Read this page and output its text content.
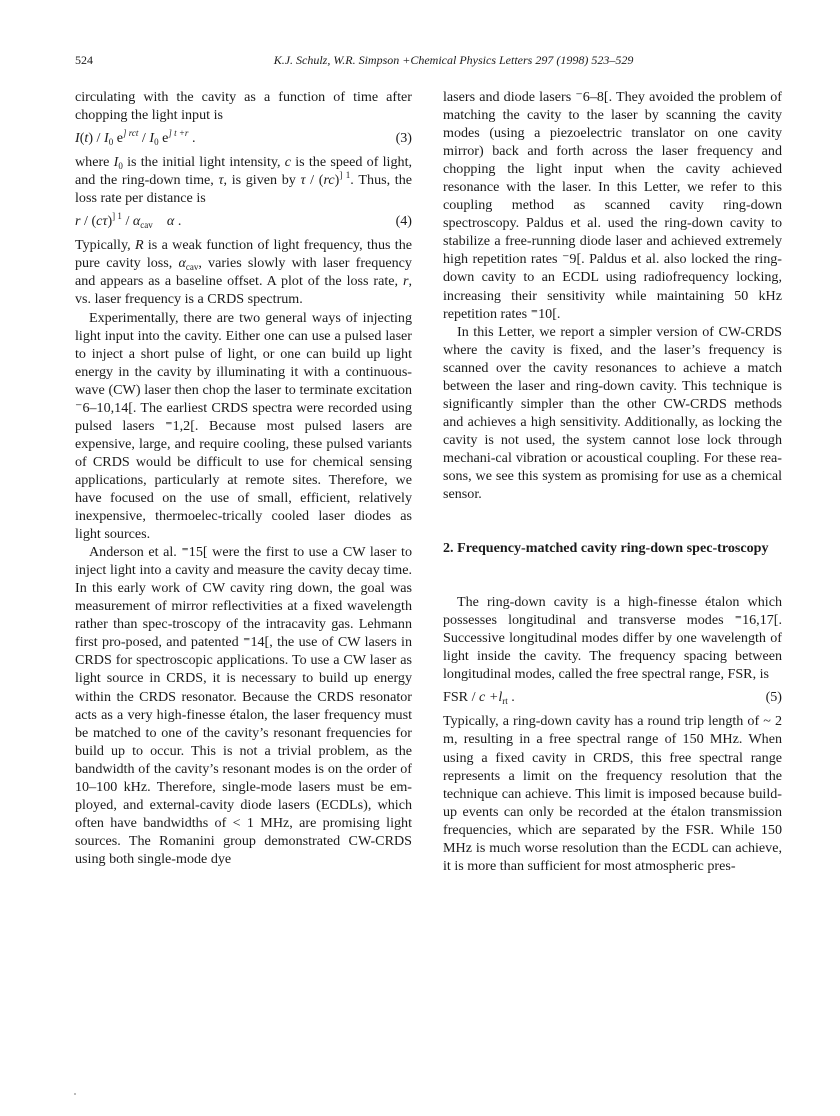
524	K.J. Schulz, W.R. Simpson +Chemical Physics Letters 297 (1998) 523–529

circulating with the cavity as a function of time after chopping the light input is

$I(t) / I_0$ $e^{] rct} / I_0$ $e^{] t +r}$ .	(3)

where $I_0$ is the initial light intensity, c is the speed of light, and the ring-down time, τ, is given by τ / (rc)$^{] 1}$. Thus, the loss rate per distance is

r / $(c\tau)^{] 1} / \alpha_{cav}$ α .	(4)

Typically, R is a weak function of light frequency, thus the pure cavity loss, $\alpha_{cav}$, varies slowly with laser frequency and appears as a baseline offset. A plot of the loss rate, r, vs. laser frequency is a CRDS spectrum.

Experimentally, there are two general ways of injecting light input into the cavity. Either one can use a pulsed laser to inject a short pulse of light, or one can build up light energy in the cavity by illuminating it with a continuous-wave (CW) laser then chop the laser to terminate excitation ⁻6–10,14[. The earliest CRDS spectra were recorded using pulsed lasers ⁼1,2[. Because most pulsed lasers are expensive, large, and require cooling, these pulsed variants of CRDS would be difficult to use for chemical sensing applications, particularly at remote sites. Therefore, we have focused on the use of small, efficient, relatively inexpensive, thermoelec-trically cooled laser diodes as light sources.

Anderson et al. ⁼15[ were the first to use a CW laser to inject light into a cavity and measure the cavity decay time. In this early work of CW cavity ring down, the goal was measurement of mirror reflectivities at a fixed wavelength rather than spec-troscopy of the intracavity gas. Lehmann first pro-posed, and patented ⁼14[, the use of CW lasers in CRDS for spectroscopic applications. To use a CW laser as light source in CRDS, it is necessary to build up energy within the CRDS resonator. Because the CRDS resonator acts as a very high-finesse étalon, the laser frequency must be matched to one of the cavity’s resonant frequencies for build up to occur. This is not a trivial problem, as the bandwidth of the cavity’s resonant modes is on the order of 10–100 kHz. Therefore, single-mode lasers must be em-ployed, and external-cavity diode lasers (ECDLs), which often have bandwidths of < 1 MHz, are promising light sources. The Romanini group demonstrated CW-CRDS using both single-mode dye

lasers and diode lasers ⁻6–8[. They avoided the problem of matching the cavity to the laser by scanning the cavity modes (using a piezoelectric translator on one cavity mirror) back and forth across the laser frequency and chopping the light input when the cavity achieved resonance with the laser. In this Letter, we refer to this coupling method as scanned cavity ring-down spectroscopy. Paldus et al. used the ring-down cavity to stabilize a free-running diode laser and achieved extremely high repetition rates ⁻9[. Paldus et al. also locked the ring-down cavity to an ECDL using radiofrequency locking, increasing their sensitivity while maintaining 50 kHz repetition rates ⁼10[.

In this Letter, we report a simpler version of CW-CRDS where the cavity is fixed, and the laser’s frequency is scanned over the cavity resonances to achieve a match between the laser and ring-down cavity. This technique is significantly simpler than the other CW-CRDS methods and achieves a high sensitivity. Additionally, as locking the cavity is not used, the system cannot lose lock through mechani-cal vibration or acoustical coupling. For these rea-sons, we see this system as promising for use as a chemical sensor.

2. Frequency-matched cavity ring-down spec-troscopy

The ring-down cavity is a high-finesse étalon which possesses longitudinal and transverse modes ⁼16,17[. Successive longitudinal modes differ by one wavelength of light inside the cavity. The frequency spacing between longitudinal modes, called the free spectral range, FSR, is

FSR / $c +l_{rt}$ .	(5)

Typically, a ring-down cavity has a round trip length of ~ 2 m, resulting in a free spectral range of 150 MHz. When using a fixed cavity in CRDS, this free spectral range represents a limit on the frequency resolution that the technique can achieve. This limit is imposed because build-up events can only be recorded at the étalon transmission frequencies, which are separated by the FSR. While 150 MHz is much worse resolution than the ECDL can achieve, it is more than sufficient for most atmospheric pres-
